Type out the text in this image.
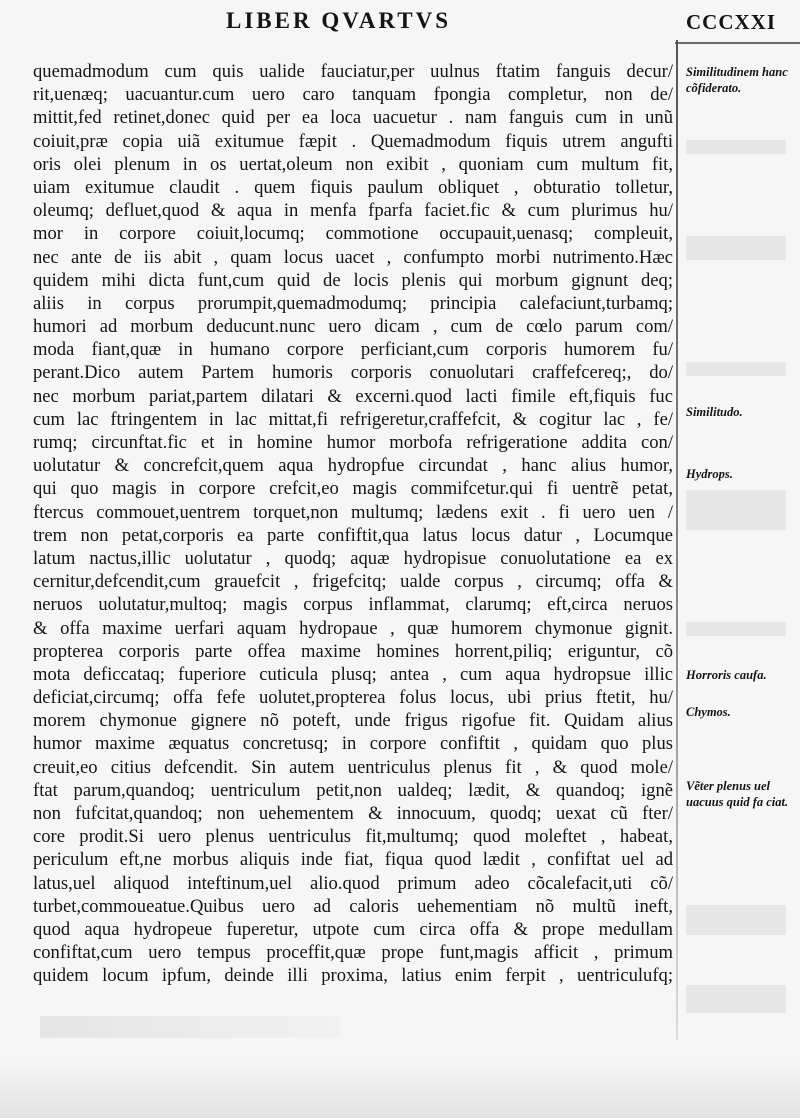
LIBER QVARTVS	CCCXXI
quemadmodum cum quis ualide fauciatur,per uulnus ftatim fanguis decur/
rit,uenæq; uacuantur.cum uero caro tanquam fpongia completur, non de/
mittit,fed retinet,donec quid per ea loca uacuetur . nam fanguis cum in unũ
coiuit,præ copia uiã exitumue fæpit . Quemadmodum fiquis utrem angufti
oris olei plenum in os uertat,oleum non exibit , quoniam cum multum fit,
uiam exitumue claudit . quem fiquis paulum obliquet , obturatio tolletur,
oleumq; defluet,quod & aqua in menfa fparfa faciet.fic & cum plurimus hu/
mor in corpore coiuit,locumq; commotione occupauit,uenasq; compleuit,
nec ante de iis abit , quam locus uacet , confumpto morbi nutrimento.Hæc
quidem mihi dicta funt,cum quid de locis plenis qui morbum gignunt deq;
aliis in corpus prorumpit,quemadmodumq; principia calefaciunt,turbamq;
humori ad morbum deducunt.nunc uero dicam , cum de cœlo parum com/
moda fiant,quæ in humano corpore perficiant,cum corporis humorem fu/
perant.Dico autem Partem humoris corporis conuolutari craffefcereq;, do/
nec morbum pariat,partem dilatari & excerni.quod lacti fimile eft,fiquis fuc
cum lac ftringentem in lac mittat,fi refrigeretur,craffefcit, & cogitur lac , fe/
rumq; circunftat.fic et in homine humor morbofa refrigeratione addita con/
uolutatur & concrefcit,quem aqua hydropfue circundat , hanc alius humor,
qui quo magis in corpore crefcit,eo magis commifcetur.qui fi uentrẽ petat,
ftercus commouet,uentrem torquet,non multumq; lædens exit . fi uero uen /
trem non petat,corporis ea parte confiftit,qua latus locus datur , Locumque
latum nactus,illic uolutatur , quodq; aquæ hydropisue conuolutatione ea ex
cernitur,defcendit,cum grauefcit , frigefcitq; ualde corpus , circumq; offa &
neruos uolutatur,multoq; magis corpus inflammat, clarumq; eft,circa neruos
& offa maxime uerfari aquam hydropaue , quæ humorem chymonue gignit.
propterea corporis parte offea maxime homines horrent,piliq; eriguntur, cõ
mota deficcataq; fuperiore cuticula plusq; antea , cum aqua hydropsue illic
deficiat,circumq; offa fefe uolutet,propterea folus locus, ubi prius ftetit, hu/
morem chymonue gignere nõ poteft, unde frigus rigofue fit. Quidam alius
humor maxime æquatus concretusq; in corpore confiftit , quidam quo plus
creuit,eo citius defcendit. Sin autem uentriculus plenus fit , & quod mole/
ftat parum,quandoq; uentriculum petit,non ualdeq; lædit, & quandoq; ignẽ
non fufcitat,quandoq; non uehementem & innocuum, quodq; uexat cũ fter/
core prodit.Si uero plenus uentriculus fit,multumq; quod moleftet , habeat,
periculum eft,ne morbus aliquis inde fiat, fiqua quod lædit , confiftat uel ad
latus,uel aliquod inteftinum,uel alio.quod primum adeo cõcalefacit,uti cõ/
turbet,commoueatue.Quibus uero ad caloris uehementiam nõ multũ ineft,
quod aqua hydropeue fuperetur, utpote cum circa offa & prope medullam
confiftat,cum uero tempus proceffit,quæ prope funt,magis afficit , primum
quidem locum ipfum, deinde illi proxima, latius enim ferpit , uentriculufq;
Similitudinem hanc cõfiderato.
Similitudo.
Hydrops.
Horroris caufa.
Chymos.
Vẽter plenus uel uacuus quid fa ciat.
